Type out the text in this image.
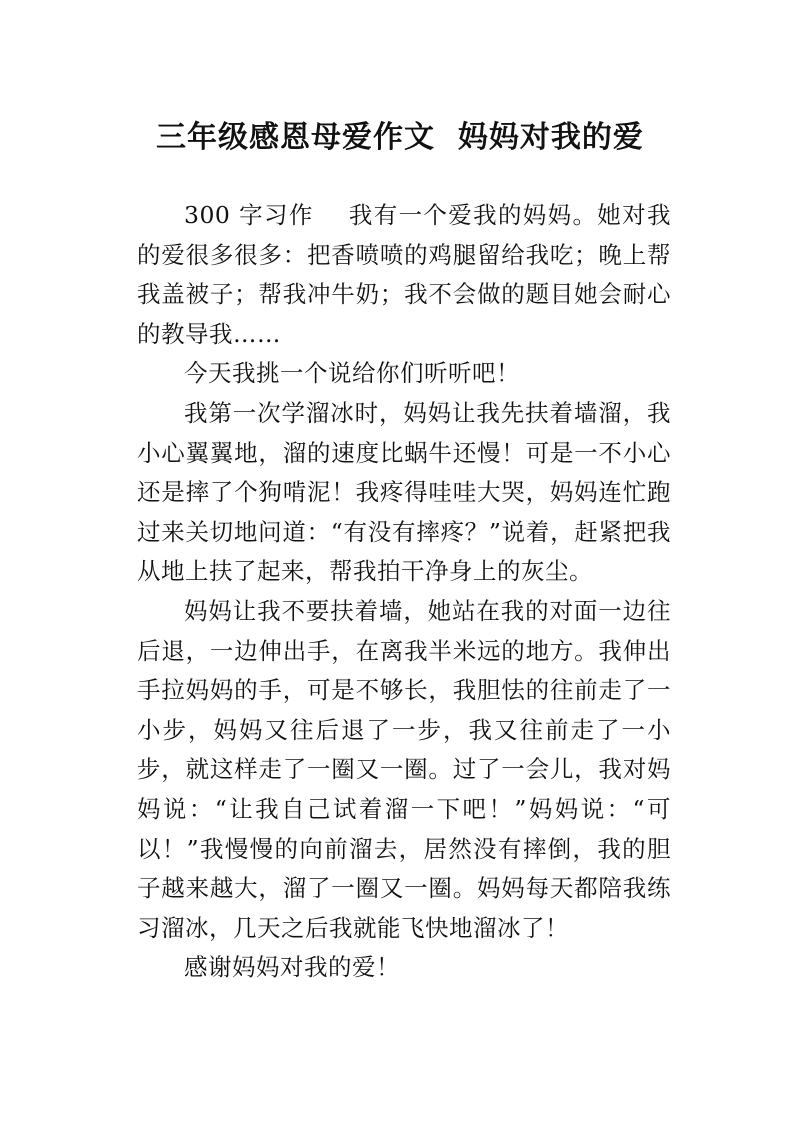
三年级感恩母爱作文  妈妈对我的爱

300 字习作    我有一个爱我的妈妈。她对我的爱很多很多：把香喷喷的鸡腿留给我吃；晚上帮我盖被子；帮我冲牛奶；我不会做的题目她会耐心的教导我……

今天我挑一个说给你们听听吧！

我第一次学溜冰时，妈妈让我先扶着墙溜，我小心翼翼地，溜的速度比蜗牛还慢！可是一不小心还是摔了个狗啃泥！我疼得哇哇大哭，妈妈连忙跑过来关切地问道：“有没有摔疼？”说着，赶紧把我从地上扶了起来，帮我拍干净身上的灰尘。

妈妈让我不要扶着墙，她站在我的对面一边往后退，一边伸出手，在离我半米远的地方。我伸出手拉妈妈的手，可是不够长，我胆怯的往前走了一小步，妈妈又往后退了一步，我又往前走了一小步，就这样走了一圈又一圈。过了一会儿，我对妈妈说：“让我自己试着溜一下吧！”妈妈说：“可以！”我慢慢的向前溜去，居然没有摔倒，我的胆子越来越大，溜了一圈又一圈。妈妈每天都陪我练习溜冰，几天之后我就能飞快地溜冰了！

感谢妈妈对我的爱！
